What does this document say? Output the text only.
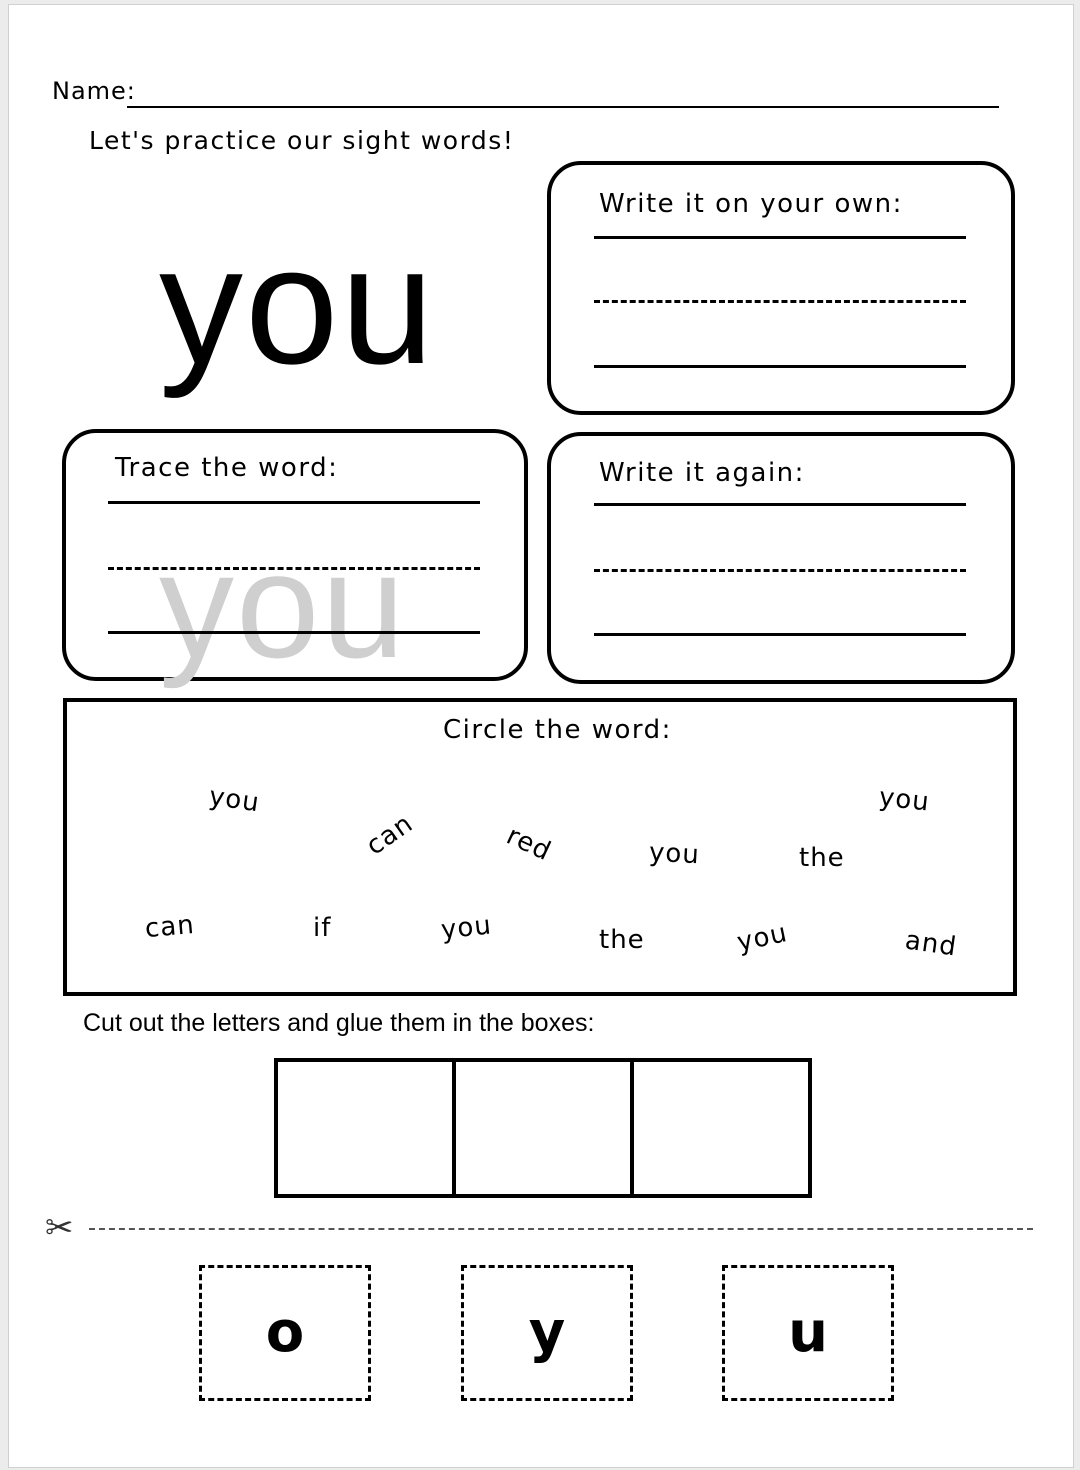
Name:
Let's practice our sight words!
you
Write it on your own:
Trace the word:
you
Write it again:
Circle the word:
you
can	red	you	the
you
can	if	you	the	you	and
Cut out the letters and glue them in the boxes:
✂
o	y	u
